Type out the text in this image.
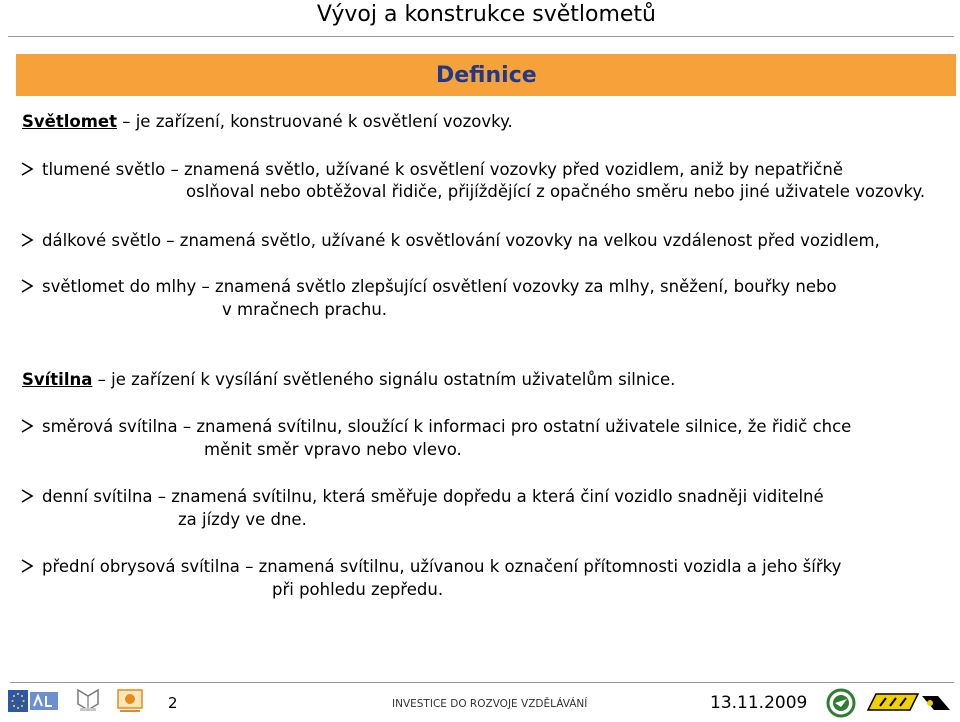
Vývoj a konstrukce světlometů
Definice
Světlomet – je zařízení, konstruované k osvětlení vozovky.
tlumené světlo – znamená světlo, užívané k osvětlení vozovky před vozidlem, aniž by nepatřičně
oslňoval nebo obtěžoval řidiče, přijíždějící z opačného směru nebo jiné uživatele vozovky.
dálkové světlo – znamená světlo, užívané k osvětlování vozovky na velkou vzdálenost před vozidlem,
světlomet do mlhy – znamená světlo zlepšující osvětlení vozovky za mlhy, sněžení, bouřky nebo
v mračnech prachu.
Svítilna – je zařízení k vysílání světleného signálu ostatním uživatelům silnice.
směrová svítilna – znamená svítilnu, sloužící k informaci pro ostatní uživatele silnice, že řidič chce
měnit směr vpravo nebo vlevo.
denní svítilna – znamená svítilnu, která směřuje dopředu a která činí vozidlo snadněji viditelné
za jízdy ve dne.
přední obrysová svítilna – znamená svítilnu, užívanou k označení přítomnosti vozidla a jeho šířky
při pohledu zepředu.
2	INVESTICE DO ROZVOJE VZDĚLÁVÁNÍ	13.11.2009
